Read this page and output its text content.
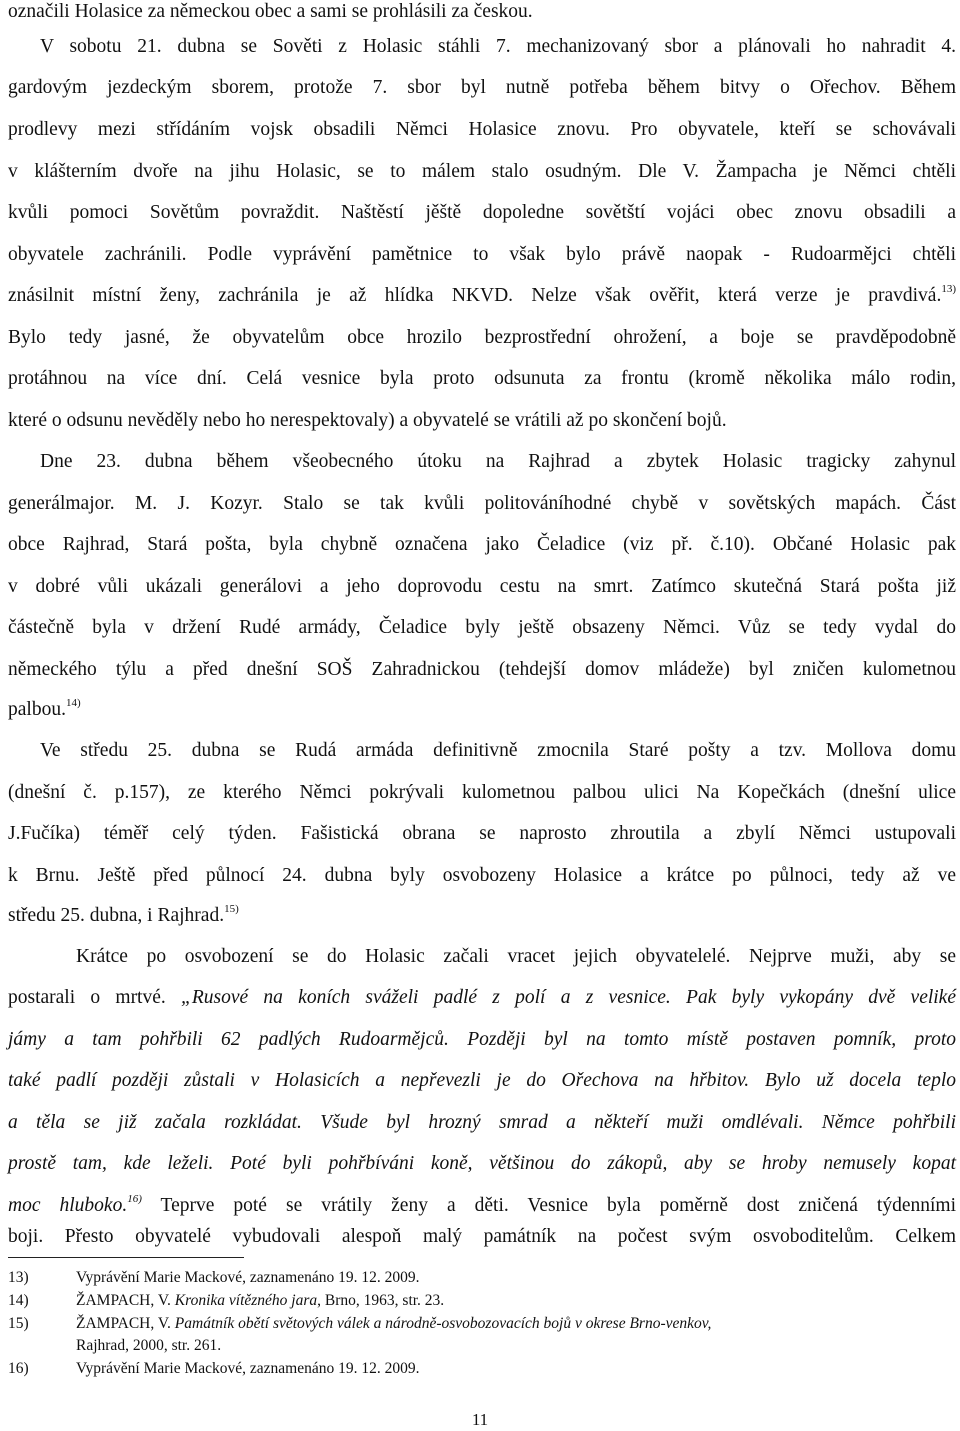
označili Holasice za německou obec a sami se prohlásili za českou.
V sobotu 21. dubna se Sověti z Holasic stáhli 7. mechanizovaný sbor a plánovali ho nahradit 4.
gardovým jezdeckým sborem, protože 7. sbor byl nutně potřeba během bitvy o Ořechov. Během
prodlevy mezi střídáním vojsk obsadili Němci Holasice znovu. Pro obyvatele, kteří se schovávali
v klášterním dvoře na jihu Holasic, se to málem stalo osudným. Dle V. Žampacha je Němci chtěli
kvůli pomoci Sovětům povraždit. Naštěstí jěště dopoledne sovětští vojáci obec znovu obsadili a
obyvatele zachránili. Podle vyprávění pamětnice to však bylo právě naopak - Rudoarmějci chtěli
znásilnit místní ženy, zachránila je až hlídka NKVD. Nelze však ověřit, která verze je pravdivá.$^{13)}$
Bylo tedy jasné, že obyvatelům obce hrozilo bezprostřední ohrožení, a boje se pravděpodobně
protáhnou na více dní. Celá vesnice byla proto odsunuta za frontu (kromě několika málo rodin,
které o odsunu nevěděly nebo ho nerespektovaly) a obyvatelé se vrátili až po skončení bojů.
Dne 23. dubna během všeobecného útoku na Rajhrad a zbytek Holasic tragicky zahynul
generálmajor. M. J. Kozyr. Stalo se tak kvůli politováníhodné chybě v sovětských mapách. Část
obce Rajhrad, Stará pošta, byla chybně označena jako Čeladice (viz př. č.10). Občané Holasic pak
v dobré vůli ukázali generálovi a jeho doprovodu cestu na smrt. Zatímco skutečná Stará pošta již
částečně byla v držení Rudé armády, Čeladice byly ještě obsazeny Němci. Vůz se tedy vydal do
německého týlu a před dnešní SOŠ Zahradnickou (tehdejší domov mládeže) byl zničen kulometnou
palbou.$^{14)}$
Ve středu 25. dubna se Rudá armáda definitivně zmocnila Staré pošty a tzv. Mollova domu
(dnešní č. p.157), ze kterého Němci pokrývali kulometnou palbou ulici Na Kopečkách (dnešní ulice
J.Fučíka) téměř celý týden. Fašistická obrana se naprosto zhroutila a zbylí Němci ustupovali
k Brnu. Ještě před půlnocí 24. dubna byly osvobozeny Holasice a krátce po půlnoci, tedy až ve
středu 25. dubna, i Rajhrad.$^{15)}$
Krátce po osvobození se do Holasic začali vracet jejich obyvatelelé. Nejprve muži, aby se
postarali o mrtvé. „Rusové na koních sváželi padlé z polí a z vesnice. Pak byly vykopány dvě veliké
jámy a tam pohřbili 62 padlých Rudoarmějců. Později byl na tomto místě postaven pomník, proto
také padlí později zůstali v Holasicích a nepřevezli je do Ořechova na hřbitov. Bylo už docela teplo
a těla se již začala rozkládat. Všude byl hrozný smrad a někteří muži omdlévali. Němce pohřbili
prostě tam, kde leželi. Poté byli pohřbíváni koně, většinou do zákopů, aby se hroby nemusely kopat
moc hluboko.$^{16)}$ Teprve poté se vrátily ženy a děti. Vesnice byla poměrně dost zničená týdenními
boji. Přesto obyvatelé vybudovali alespoň malý památník na počest svým osvoboditelům. Celkem
13)	Vyprávění Marie Mackové, zaznamenáno 19. 12. 2009.
14)	ŽAMPACH, V. Kronika vítězného jara, Brno, 1963, str. 23.
15)	ŽAMPACH, V. Památník obětí světových válek a národně-osvobozovacích bojů v okrese Brno-venkov,
Rajhrad, 2000, str. 261.
16)	Vyprávění Marie Mackové, zaznamenáno 19. 12. 2009.
11
